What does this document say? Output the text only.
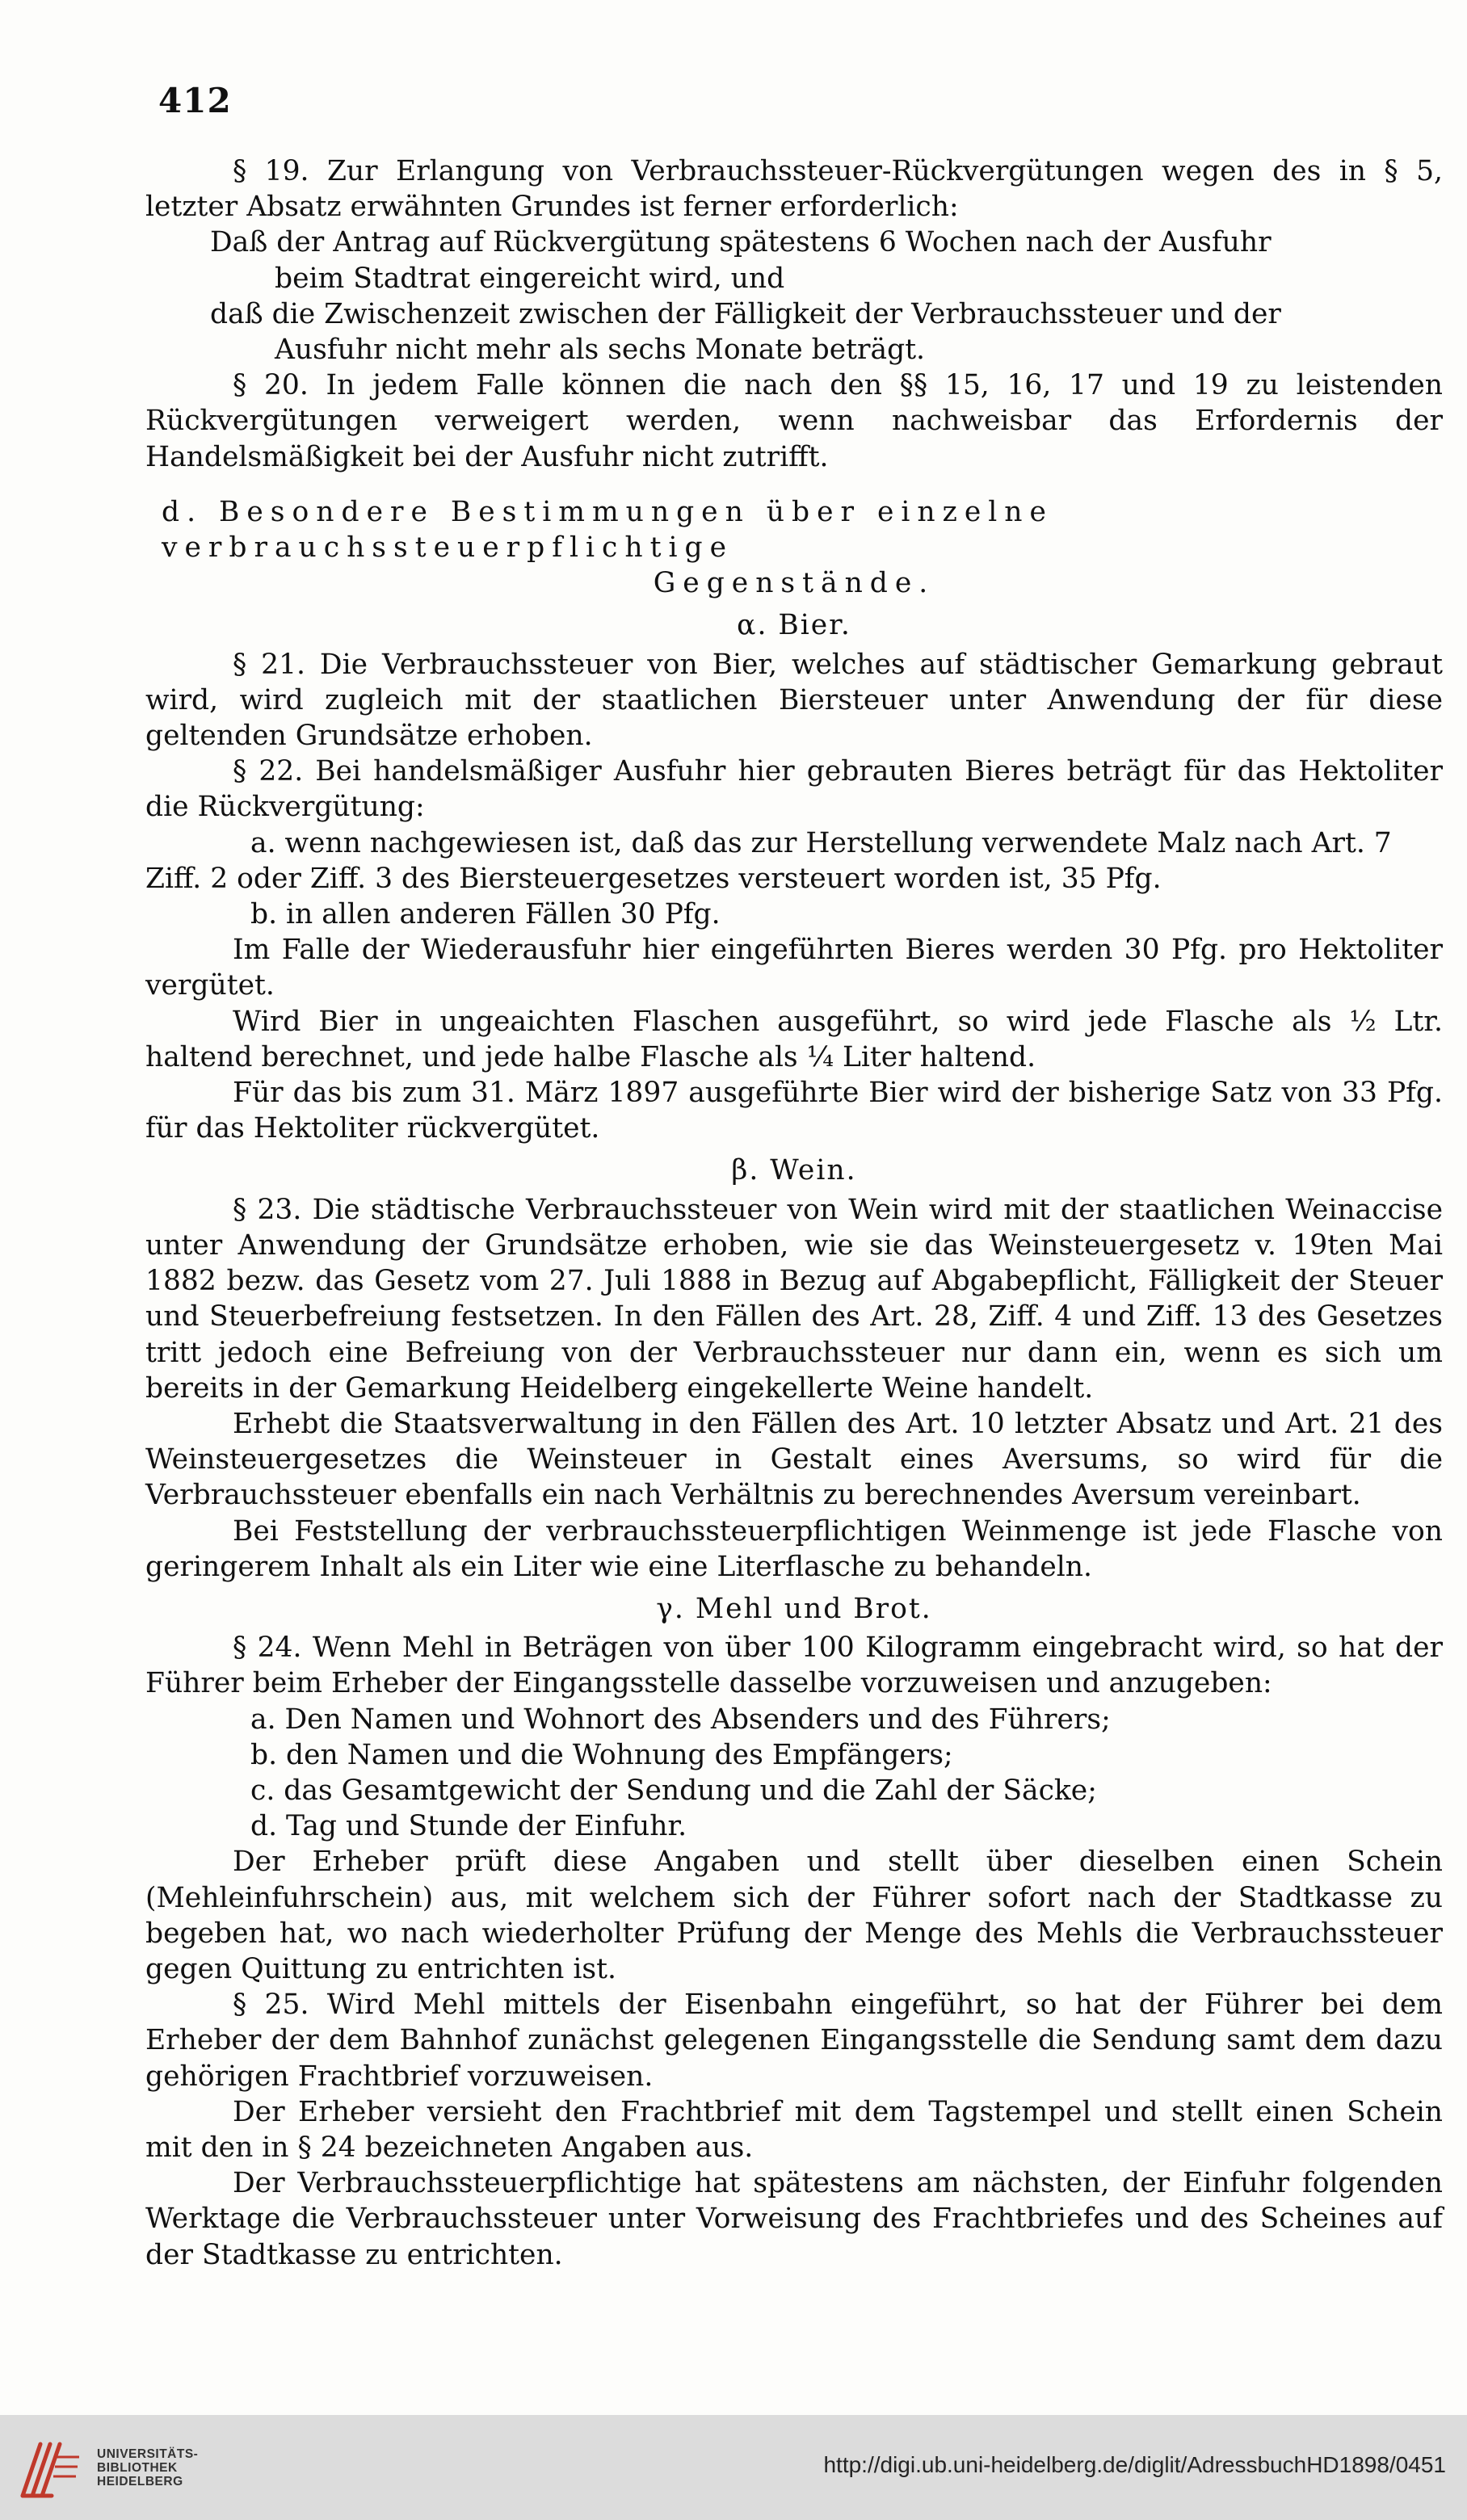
412

§ 19. Zur Erlangung von Verbrauchssteuer-Rückvergütungen wegen des in § 5, letzter Absatz erwähnten Grundes ist ferner erforderlich:

Daß der Antrag auf Rückvergütung spätestens 6 Wochen nach der Ausfuhr

beim Stadtrat eingereicht wird, und

daß die Zwischenzeit zwischen der Fälligkeit der Verbrauchssteuer und der

Ausfuhr nicht mehr als sechs Monate beträgt.

§ 20. In jedem Falle können die nach den §§ 15, 16, 17 und 19 zu leistenden Rückvergütungen verweigert werden, wenn nachweisbar das Erfordernis der Handelsmäßigkeit bei der Ausfuhr nicht zutrifft.

d. Besondere Bestimmungen über einzelne verbrauchssteuerpflichtige

Gegenstände.

α. Bier.

§ 21. Die Verbrauchssteuer von Bier, welches auf städtischer Gemarkung gebraut wird, wird zugleich mit der staatlichen Biersteuer unter Anwendung der für diese geltenden Grundsätze erhoben.

§ 22. Bei handelsmäßiger Ausfuhr hier gebrauten Bieres beträgt für das Hektoliter die Rückvergütung:

a. wenn nachgewiesen ist, daß das zur Herstellung verwendete Malz nach Art. 7

Ziff. 2 oder Ziff. 3 des Biersteuergesetzes versteuert worden ist, 35 Pfg.

b. in allen anderen Fällen 30 Pfg.

Im Falle der Wiederausfuhr hier eingeführten Bieres werden 30 Pfg. pro Hektoliter vergütet.

Wird Bier in ungeaichten Flaschen ausgeführt, so wird jede Flasche als ½ Ltr. haltend berechnet, und jede halbe Flasche als ¼ Liter haltend.

Für das bis zum 31. März 1897 ausgeführte Bier wird der bisherige Satz von 33 Pfg. für das Hektoliter rückvergütet.

β. Wein.

§ 23. Die städtische Verbrauchssteuer von Wein wird mit der staatlichen Weinaccise unter Anwendung der Grundsätze erhoben, wie sie das Weinsteuergesetz v. 19ten Mai 1882 bezw. das Gesetz vom 27. Juli 1888 in Bezug auf Abgabepflicht, Fälligkeit der Steuer und Steuerbefreiung festsetzen. In den Fällen des Art. 28, Ziff. 4 und Ziff. 13 des Gesetzes tritt jedoch eine Befreiung von der Verbrauchssteuer nur dann ein, wenn es sich um bereits in der Gemarkung Heidelberg eingekellerte Weine handelt.

Erhebt die Staatsverwaltung in den Fällen des Art. 10 letzter Absatz und Art. 21 des Weinsteuergesetzes die Weinsteuer in Gestalt eines Aversums, so wird für die Verbrauchssteuer ebenfalls ein nach Verhältnis zu berechnendes Aversum vereinbart.

Bei Feststellung der verbrauchssteuerpflichtigen Weinmenge ist jede Flasche von geringerem Inhalt als ein Liter wie eine Literflasche zu behandeln.

γ. Mehl und Brot.

§ 24. Wenn Mehl in Beträgen von über 100 Kilogramm eingebracht wird, so hat der Führer beim Erheber der Eingangsstelle dasselbe vorzuweisen und anzugeben:

a. Den Namen und Wohnort des Absenders und des Führers;

b. den Namen und die Wohnung des Empfängers;

c. das Gesamtgewicht der Sendung und die Zahl der Säcke;

d. Tag und Stunde der Einfuhr.

Der Erheber prüft diese Angaben und stellt über dieselben einen Schein (Mehleinfuhrschein) aus, mit welchem sich der Führer sofort nach der Stadtkasse zu begeben hat, wo nach wiederholter Prüfung der Menge des Mehls die Verbrauchssteuer gegen Quittung zu entrichten ist.

§ 25. Wird Mehl mittels der Eisenbahn eingeführt, so hat der Führer bei dem Erheber der dem Bahnhof zunächst gelegenen Eingangsstelle die Sendung samt dem dazu gehörigen Frachtbrief vorzuweisen.

Der Erheber versieht den Frachtbrief mit dem Tagstempel und stellt einen Schein mit den in § 24 bezeichneten Angaben aus.

Der Verbrauchssteuerpflichtige hat spätestens am nächsten, der Einfuhr folgenden Werktage die Verbrauchssteuer unter Vorweisung des Frachtbriefes und des Scheines auf der Stadtkasse zu entrichten.

UNIVERSITÄTS-
BIBLIOTHEK
HEIDELBERG
http://digi.ub.uni-heidelberg.de/diglit/AdressbuchHD1898/0451
